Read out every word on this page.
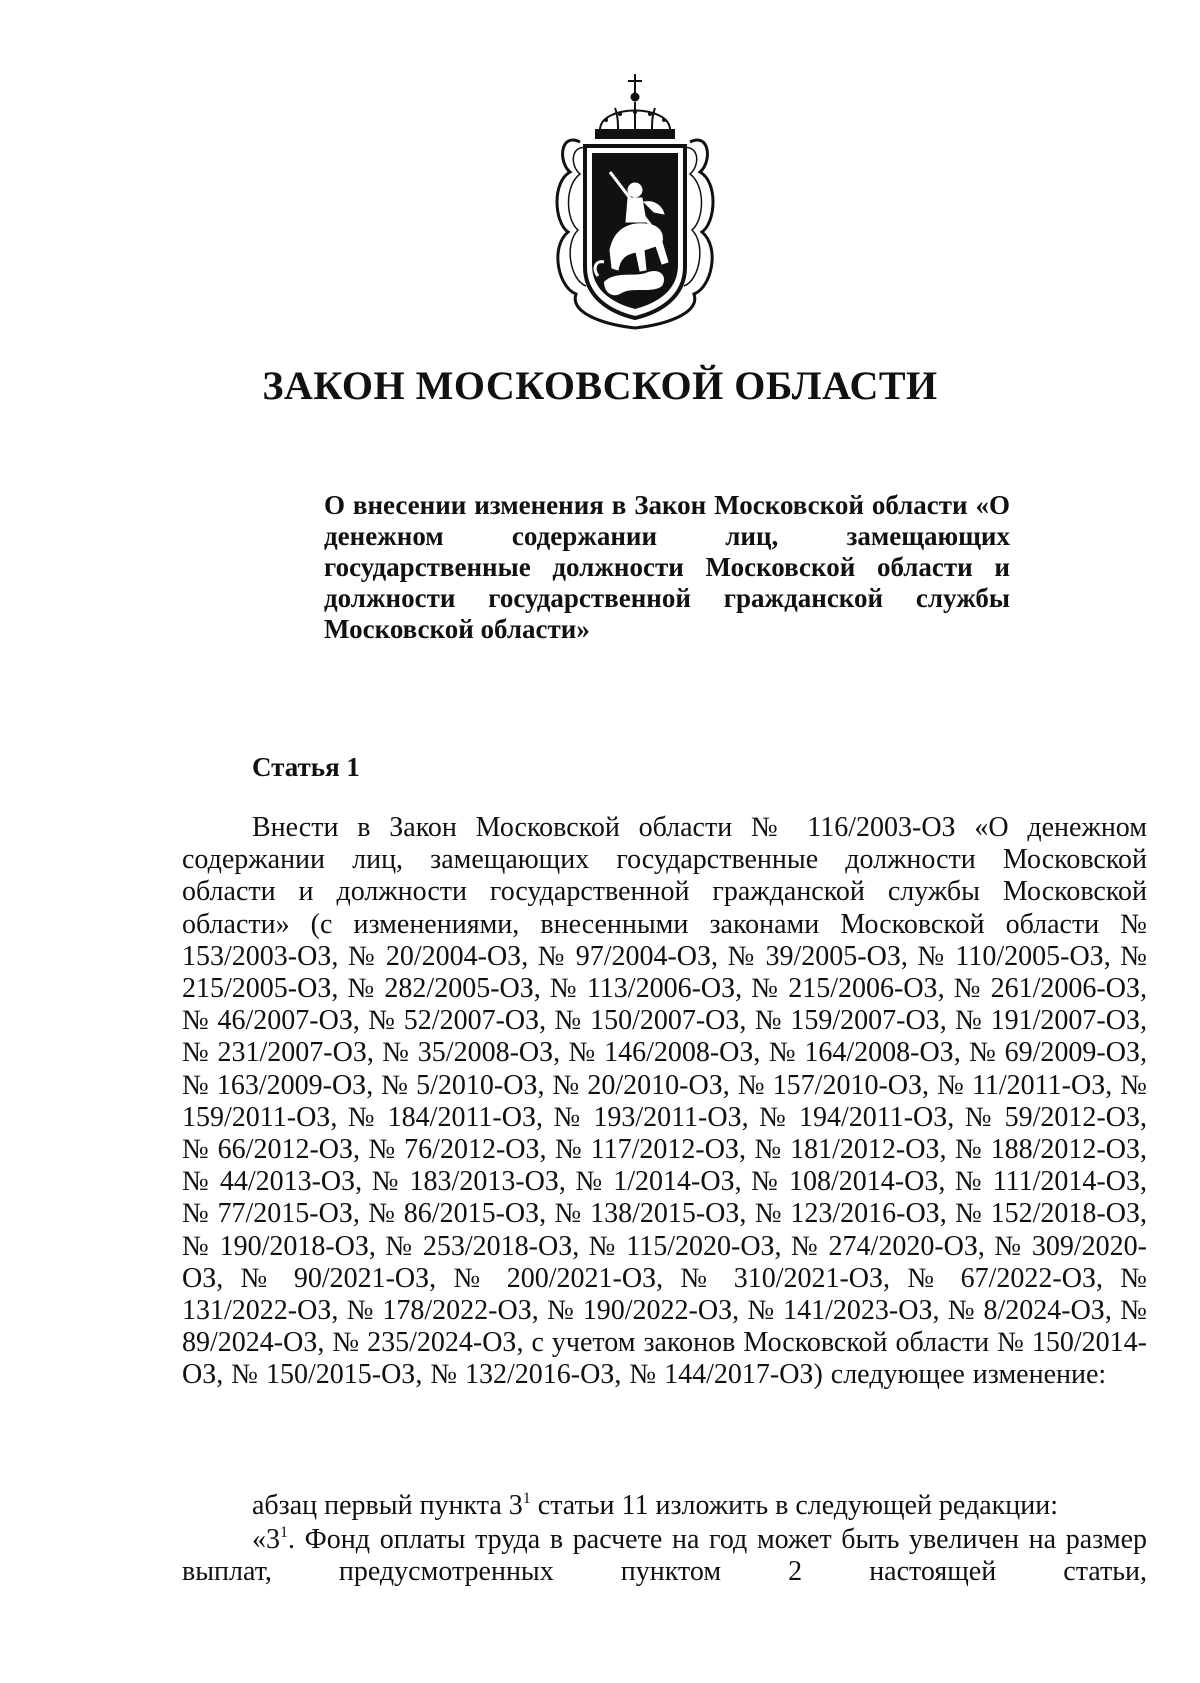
ЗАКОН МОСКОВСКОЙ ОБЛАСТИ

О внесении изменения в Закон Московской области «О денежном содержании лиц, замещающих государственные должности Московской области и должности государственной гражданской службы Московской области»

Статья 1

Внести в Закон Московской области № 116/2003-ОЗ «О денежном содержании лиц, замещающих государственные должности Московской области и должности государственной гражданской службы Московской области» (с изменениями, внесенными законами Московской области № 153/2003-ОЗ, № 20/2004-ОЗ, № 97/2004-ОЗ, № 39/2005-ОЗ, № 110/2005-ОЗ, № 215/2005-ОЗ, № 282/2005-ОЗ, № 113/2006-ОЗ, № 215/2006-ОЗ, № 261/2006-ОЗ, № 46/2007-ОЗ, № 52/2007-ОЗ, № 150/2007-ОЗ, № 159/2007-ОЗ, № 191/2007-ОЗ, № 231/2007-ОЗ, № 35/2008-ОЗ, № 146/2008-ОЗ, № 164/2008-ОЗ, № 69/2009-ОЗ, № 163/2009-ОЗ, № 5/2010-ОЗ, № 20/2010-ОЗ, № 157/2010-ОЗ, № 11/2011-ОЗ, № 159/2011-ОЗ, № 184/2011-ОЗ, № 193/2011-ОЗ, № 194/2011-ОЗ, № 59/2012-ОЗ, № 66/2012-ОЗ, № 76/2012-ОЗ, № 117/2012-ОЗ, № 181/2012-ОЗ, № 188/2012-ОЗ, № 44/2013-ОЗ, № 183/2013-ОЗ, № 1/2014-ОЗ, № 108/2014-ОЗ, № 111/2014-ОЗ, № 77/2015-ОЗ, № 86/2015-ОЗ, № 138/2015-ОЗ, № 123/2016-ОЗ, № 152/2018-ОЗ, № 190/2018-ОЗ, № 253/2018-ОЗ, № 115/2020-ОЗ, № 274/2020-ОЗ, № 309/2020-ОЗ, № 90/2021-ОЗ, № 200/2021-ОЗ, № 310/2021-ОЗ, № 67/2022-ОЗ, № 131/2022-ОЗ, № 178/2022-ОЗ, № 190/2022-ОЗ, № 141/2023-ОЗ, № 8/2024-ОЗ, № 89/2024-ОЗ, № 235/2024-ОЗ, с учетом законов Московской области № 150/2014-ОЗ, № 150/2015-ОЗ, № 132/2016-ОЗ, № 144/2017-ОЗ) следующее изменение:

абзац первый пункта $3^1$ статьи 11 изложить в следующей редакции:

«$3^1$. Фонд оплаты труда в расчете на год может быть увеличен на размер выплат, предусмотренных пунктом 2 настоящей статьи,
